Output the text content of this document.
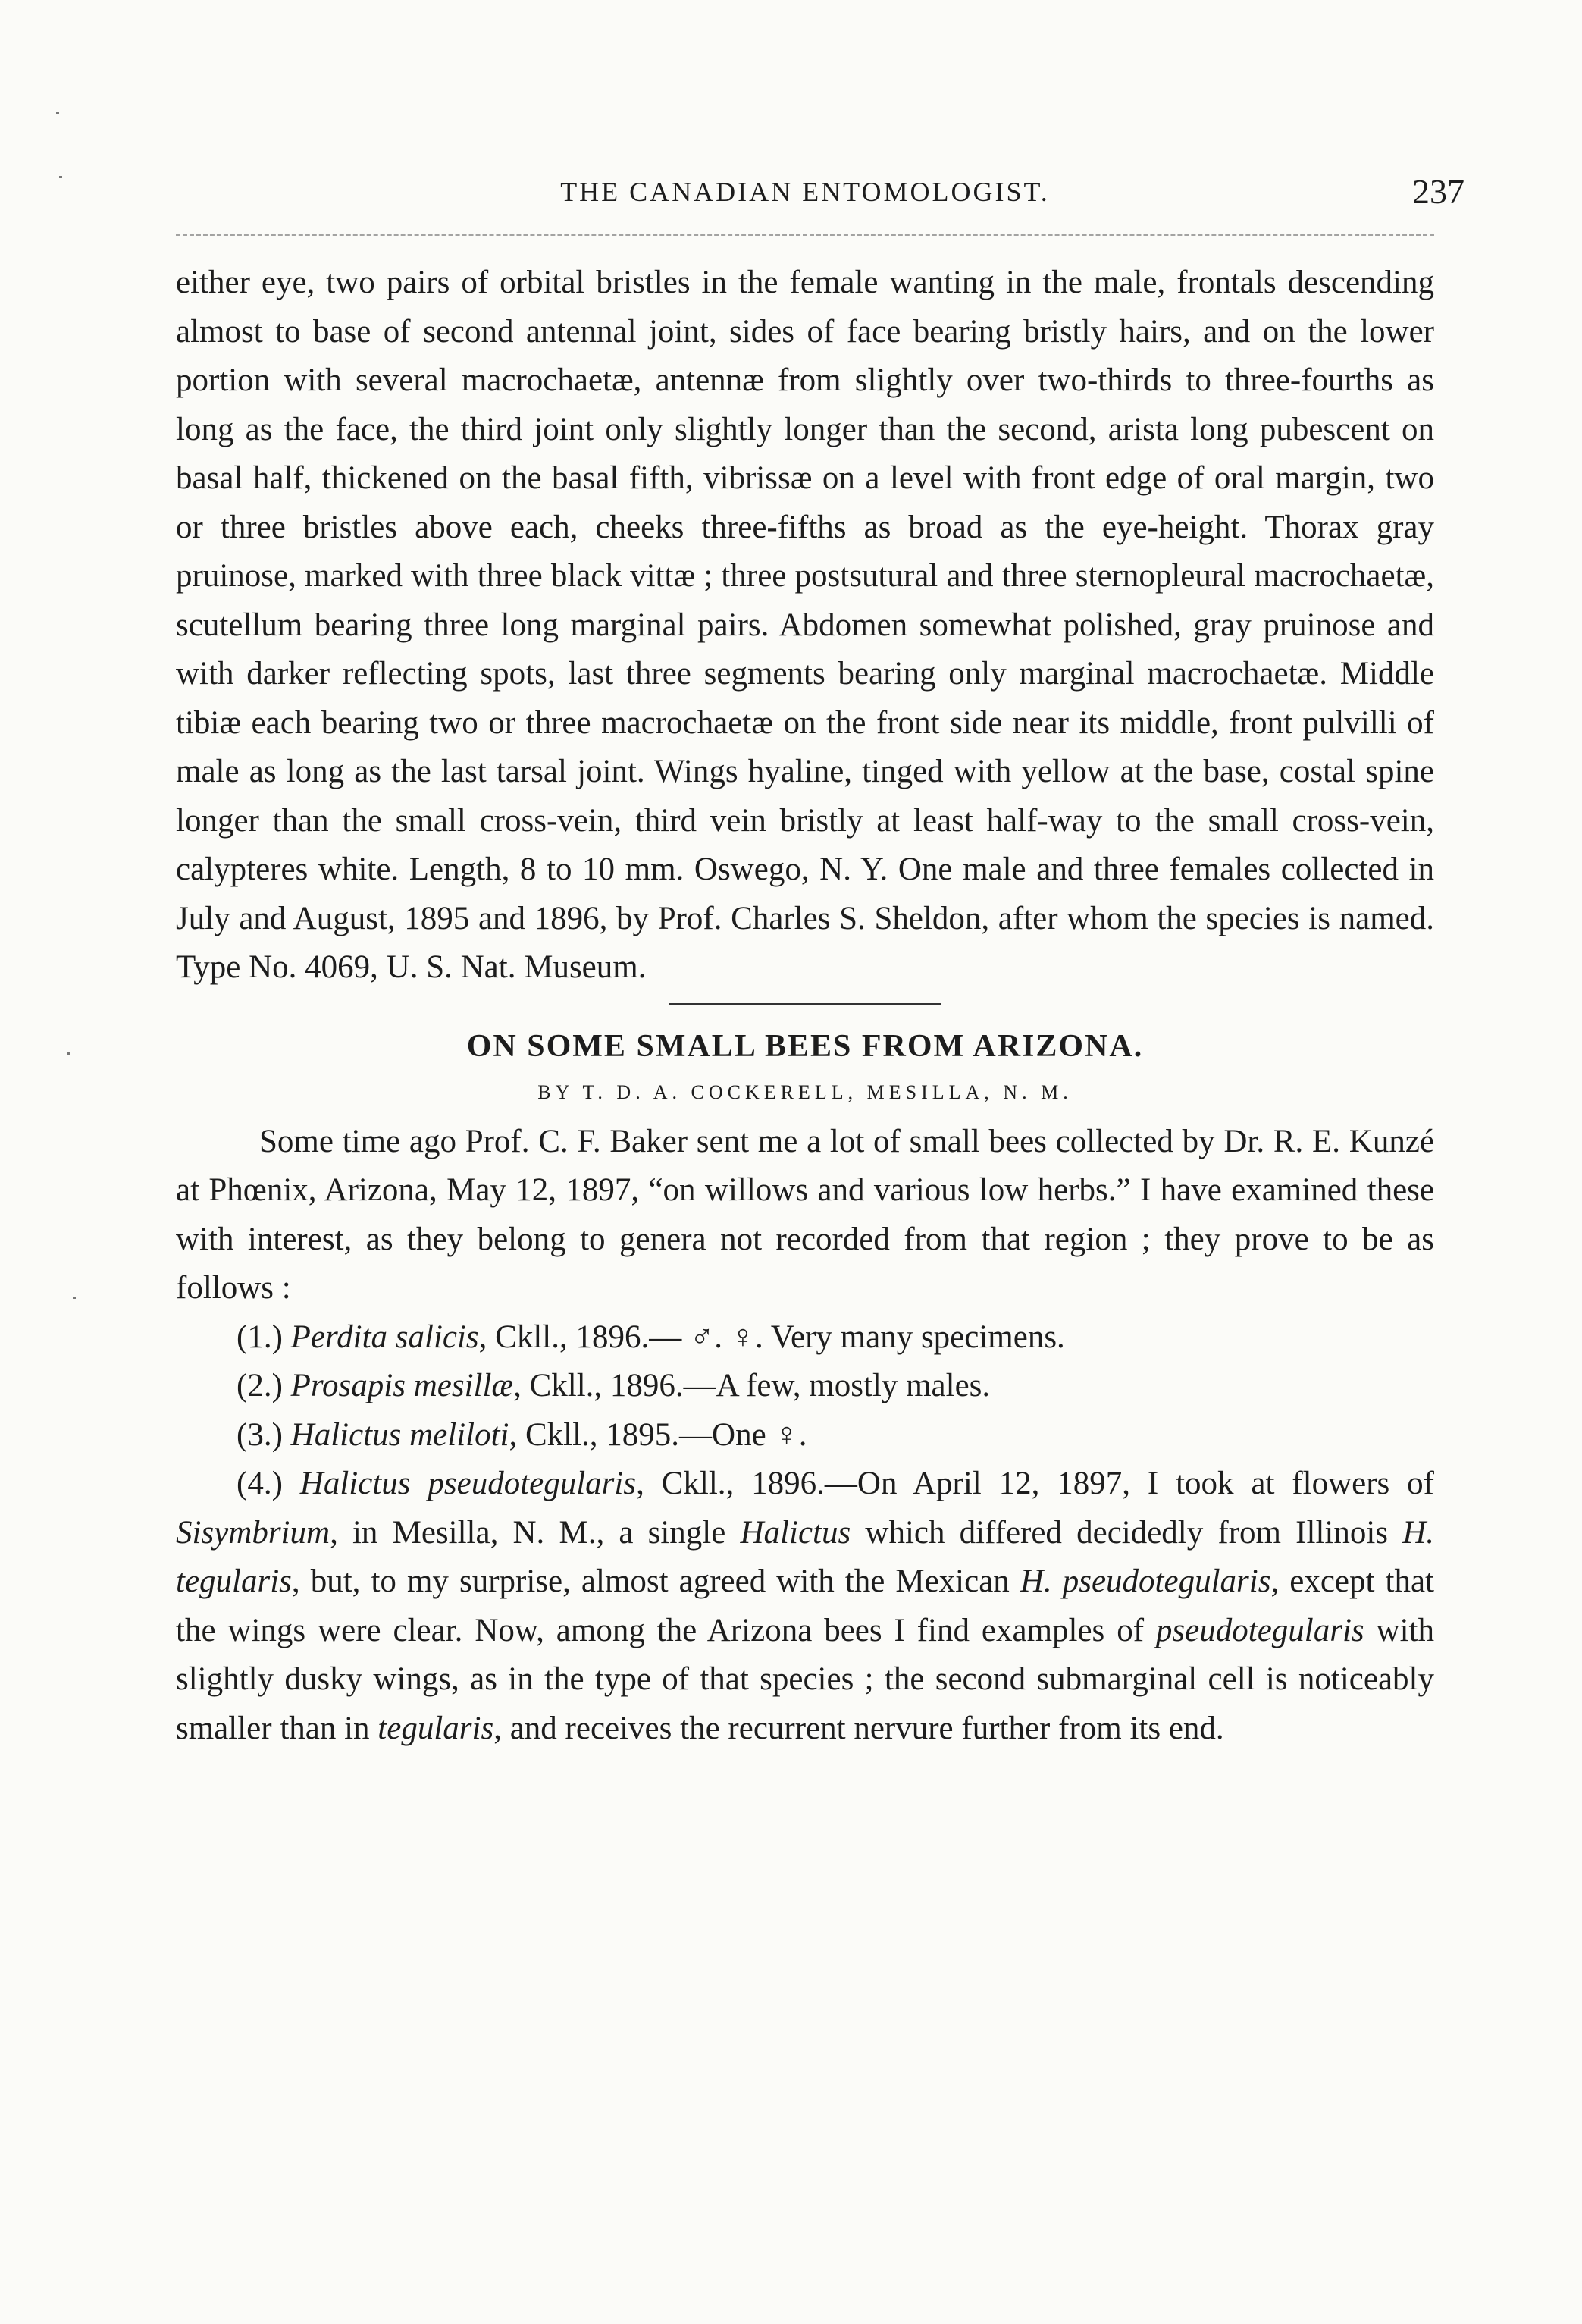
THE CANADIAN ENTOMOLOGIST.	237

either eye, two pairs of orbital bristles in the female wanting in the male, frontals descending almost to base of second antennal joint, sides of face bearing bristly hairs, and on the lower portion with several macrochaetæ, antennæ from slightly over two-thirds to three-fourths as long as the face, the third joint only slightly longer than the second, arista long pubescent on basal half, thickened on the basal fifth, vibrissæ on a level with front edge of oral margin, two or three bristles above each, cheeks three-fifths as broad as the eye-height. Thorax gray pruinose, marked with three black vittæ ; three postsutural and three sternopleural macrochaetæ, scutellum bearing three long marginal pairs. Abdomen somewhat polished, gray pruinose and with darker reflecting spots, last three segments bearing only marginal macrochaetæ. Middle tibiæ each bearing two or three macrochaetæ on the front side near its middle, front pulvilli of male as long as the last tarsal joint. Wings hyaline, tinged with yellow at the base, costal spine longer than the small cross-vein, third vein bristly at least half-way to the small cross-vein, calypteres white. Length, 8 to 10 mm. Oswego, N. Y. One male and three females collected in July and August, 1895 and 1896, by Prof. Charles S. Sheldon, after whom the species is named. Type No. 4069, U. S. Nat. Museum.

ON SOME SMALL BEES FROM ARIZONA.
BY T. D. A. COCKERELL, MESILLA, N. M.

Some time ago Prof. C. F. Baker sent me a lot of small bees collected by Dr. R. E. Kunzé at Phœnix, Arizona, May 12, 1897, “on willows and various low herbs.” I have examined these with interest, as they belong to genera not recorded from that region ; they prove to be as follows :

(1.) Perdita salicis, Ckll., 1896.— ♂. ♀. Very many specimens.

(2.) Prosapis mesillæ, Ckll., 1896.—A few, mostly males.

(3.) Halictus meliloti, Ckll., 1895.—One ♀.

(4.) Halictus pseudotegularis, Ckll., 1896.—On April 12, 1897, I took at flowers of Sisymbrium, in Mesilla, N. M., a single Halictus which differed decidedly from Illinois H. tegularis, but, to my surprise, almost agreed with the Mexican H. pseudotegularis, except that the wings were clear. Now, among the Arizona bees I find examples of pseudotegularis with slightly dusky wings, as in the type of that species ; the second submarginal cell is noticeably smaller than in tegularis, and receives the recurrent nervure further from its end.
